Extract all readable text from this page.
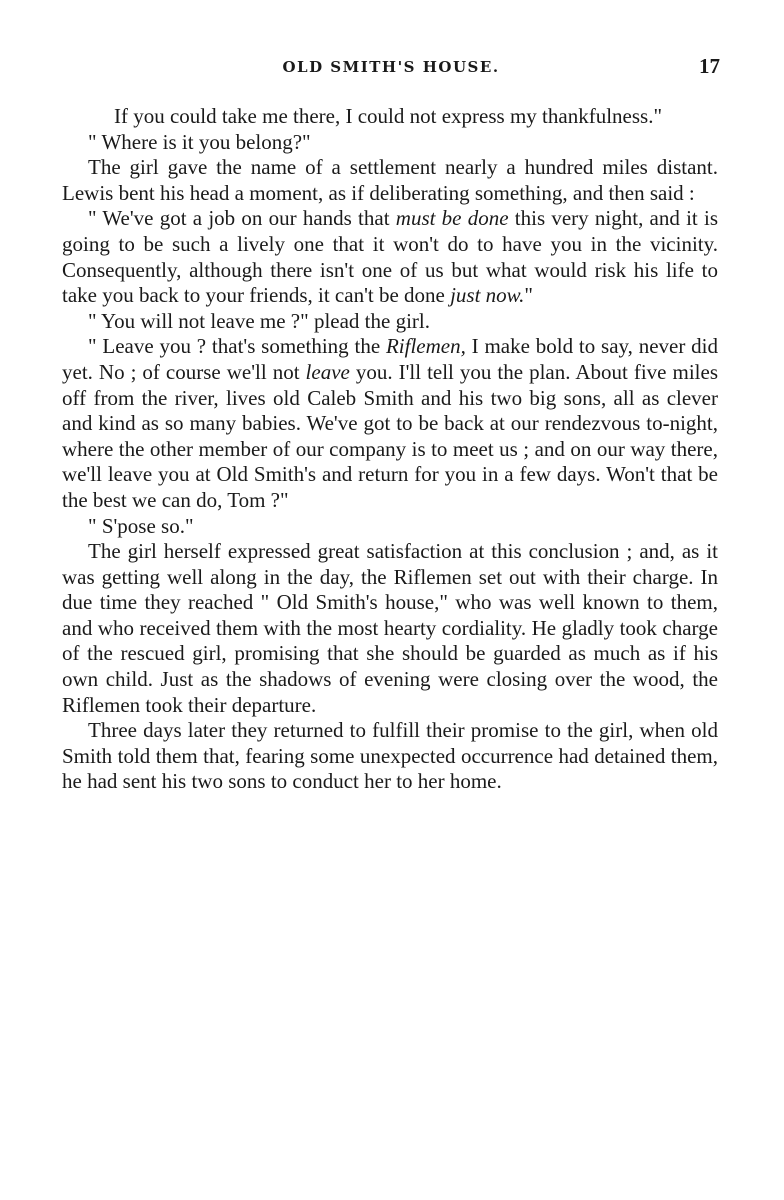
OLD SMITH'S HOUSE.	17

If you could take me there, I could not express my thankfulness."

" Where is it you belong?"

The girl gave the name of a settlement nearly a hundred miles distant. Lewis bent his head a moment, as if deliberating something, and then said :

" We've got a job on our hands that must be done this very night, and it is going to be such a lively one that it won't do to have you in the vicinity. Consequently, although there isn't one of us but what would risk his life to take you back to your friends, it can't be done just now."

" You will not leave me ?" plead the girl.

" Leave you ? that's something the Riflemen, I make bold to say, never did yet. No ; of course we'll not leave you. I'll tell you the plan. About five miles off from the river, lives old Caleb Smith and his two big sons, all as clever and kind as so many babies. We've got to be back at our rendezvous to-night, where the other member of our company is to meet us ; and on our way there, we'll leave you at Old Smith's and return for you in a few days. Won't that be the best we can do, Tom ?"

" S'pose so."

The girl herself expressed great satisfaction at this conclusion ; and, as it was getting well along in the day, the Riflemen set out with their charge. In due time they reached " Old Smith's house," who was well known to them, and who received them with the most hearty cordiality. He gladly took charge of the rescued girl, promising that she should be guarded as much as if his own child. Just as the shadows of evening were closing over the wood, the Riflemen took their departure.

Three days later they returned to fulfill their promise to the girl, when old Smith told them that, fearing some unexpected occurrence had detained them, he had sent his two sons to conduct her to her home.
